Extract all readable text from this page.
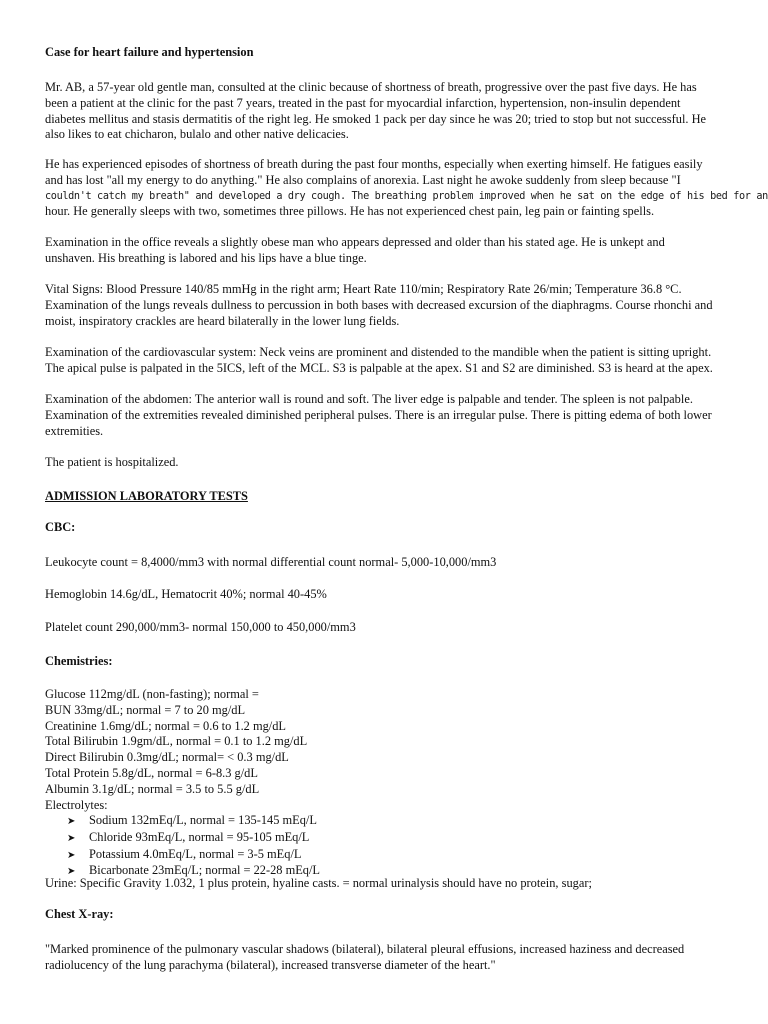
Case for heart failure and hypertension

Mr. AB, a 57-year old gentle man, consulted at the clinic because of shortness of breath, progressive over the past five days. He has
been a patient at the clinic for the past 7 years, treated in the past for myocardial infarction, hypertension, non-insulin dependent
diabetes mellitus and stasis dermatitis of the right leg. He smoked 1 pack per day since he was 20; tried to stop but not successful. He
also likes to eat chicharon, bulalo and other native delicacies.

He has experienced episodes of shortness of breath during the past four months, especially when exerting himself. He fatigues easily
and has lost "all my energy to do anything." He also complains of anorexia. Last night he awoke suddenly from sleep because "I
couldn't catch my breath" and developed a dry cough. The breathing problem improved when he sat on the edge of his bed for an
hour. He generally sleeps with two, sometimes three pillows. He has not experienced chest pain, leg pain or fainting spells.

Examination in the office reveals a slightly obese man who appears depressed and older than his stated age. He is unkept and
unshaven. His breathing is labored and his lips have a blue tinge.

Vital Signs: Blood Pressure 140/85 mmHg in the right arm; Heart Rate 110/min; Respiratory Rate 26/min; Temperature 36.8 °C.
Examination of the lungs reveals dullness to percussion in both bases with decreased excursion of the diaphragms. Course rhonchi and
moist, inspiratory crackles are heard bilaterally in the lower lung fields.

Examination of the cardiovascular system: Neck veins are prominent and distended to the mandible when the patient is sitting upright.
The apical pulse is palpated in the 5ICS, left of the MCL. S3 is palpable at the apex. S1 and S2 are diminished. S3 is heard at the apex.

Examination of the abdomen: The anterior wall is round and soft. The liver edge is palpable and tender. The spleen is not palpable.
Examination of the extremities revealed diminished peripheral pulses. There is an irregular pulse. There is pitting edema of both lower
extremities.

The patient is hospitalized.

ADMISSION LABORATORY TESTS

CBC:

Leukocyte count = 8,4000/mm3 with normal differential count normal- 5,000-10,000/mm3

Hemoglobin 14.6g/dL, Hematocrit 40%; normal 40-45%

Platelet count 290,000/mm3- normal 150,000 to 450,000/mm3

Chemistries:

Glucose 112mg/dL (non-fasting); normal =
BUN 33mg/dL; normal = 7 to 20 mg/dL
Creatinine 1.6mg/dL; normal = 0.6 to 1.2 mg/dL
Total Bilirubin 1.9gm/dL, normal = 0.1 to 1.2 mg/dL
Direct Bilirubin 0.3mg/dL; normal= < 0.3 mg/dL
Total Protein 5.8g/dL, normal = 6-8.3 g/dL
Albumin 3.1g/dL; normal = 3.5 to 5.5 g/dL
Electrolytes:

➤ Sodium 132mEq/L, normal = 135-145 mEq/L
➤ Chloride 93mEq/L, normal = 95-105 mEq/L
➤ Potassium 4.0mEq/L, normal = 3-5 mEq/L
➤ Bicarbonate 23mEq/L; normal = 22-28 mEq/L

Urine: Specific Gravity 1.032, 1 plus protein, hyaline casts. = normal urinalysis should have no protein, sugar;

Chest X-ray:

"Marked prominence of the pulmonary vascular shadows (bilateral), bilateral pleural effusions, increased haziness and decreased
radiolucency of the lung parachyma (bilateral), increased transverse diameter of the heart."
